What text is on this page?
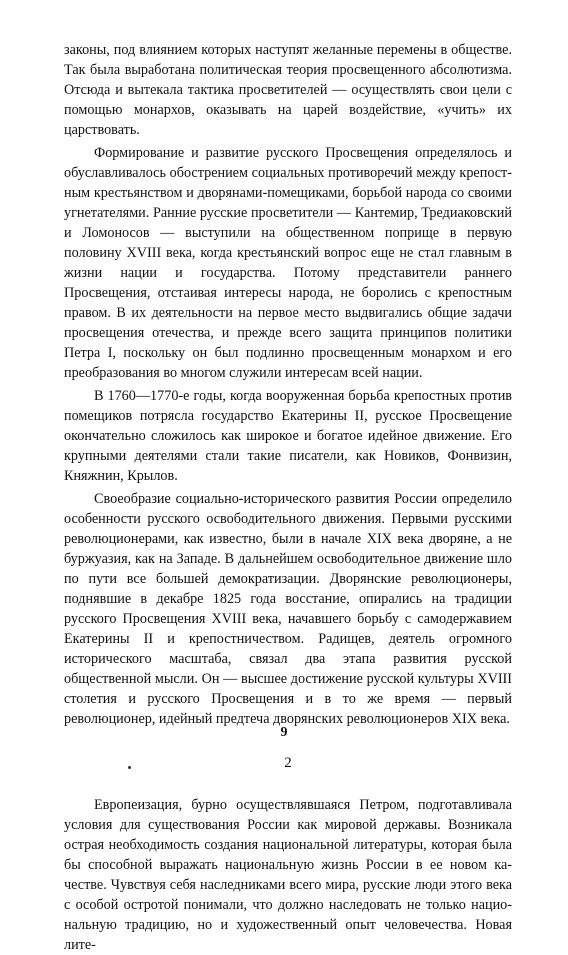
законы, под влиянием которых наступят желанные перемены в обществе. Так была выработана политическая теория просвещенного абсолютизма. Отсюда и вытекала тактика просветителей — осуществлять свои цели с помощью монархов, оказывать на царей воздействие, «учить» их царствовать.

Формирование и развитие русского Просвещения определялось и обуславливалось обострением социальных противоречий между крепостным крестьянством и дворянами-помещиками, борьбой народа со своими угнетателями. Ранние русские просветители — Кантемир, Тредиаковский и Ломоносов — выступили на общественном поприще в первую половину XVIII века, когда крестьянский вопрос еще не стал главным в жизни нации и государства. Потому представители раннего Просвещения, отстаивая интересы народа, не боролись с крепостным правом. В их деятельности на первое место выдвигались общие задачи просвещения отечества, и прежде всего защита принципов политики Петра I, поскольку он был подлинно просвещенным монархом и его преобразования во многом служили интересам всей нации.

В 1760—1770-е годы, когда вооруженная борьба крепостных против помещиков потрясла государство Екатерины II, русское Просвещение окончательно сложилось как широкое и богатое идейное движение. Его крупными деятелями стали такие писатели, как Новиков, Фонвизин, Княжнин, Крылов.

Своеобразие социально-исторического развития России определило особенности русского освободительного движения. Первыми русскими революционерами, как известно, были в начале XIX века дворяне, а не буржуазия, как на Западе. В дальнейшем освободительное движение шло по пути все большей демократизации. Дворянские революционеры, поднявшие в декабре 1825 года восстание, опирались на традиции русского Просвещения XVIII века, начавшего борьбу с самодержавием Екатерины II и крепостничеством. Радищев, деятель огромного исторического масштаба, связал два этапа развития русской общественной мысли. Он — высшее достижение русской культуры XVIII столетия и русского Просвещения и в то же время — первый революционер, идейный предтеча дворянских революционеров XIX века.

2

Европеизация, бурно осуществлявшаяся Петром, подготавливала условия для существования России как мировой державы. Возникала острая необходимость создания национальной литературы, которая была бы способной выражать национальную жизнь России в ее новом качестве. Чувствуя себя наследниками всего мира, русские люди этого века с особой остротой понимали, что должно наследовать не только национальную традицию, но и художественный опыт человечества. Новая лите-

9
